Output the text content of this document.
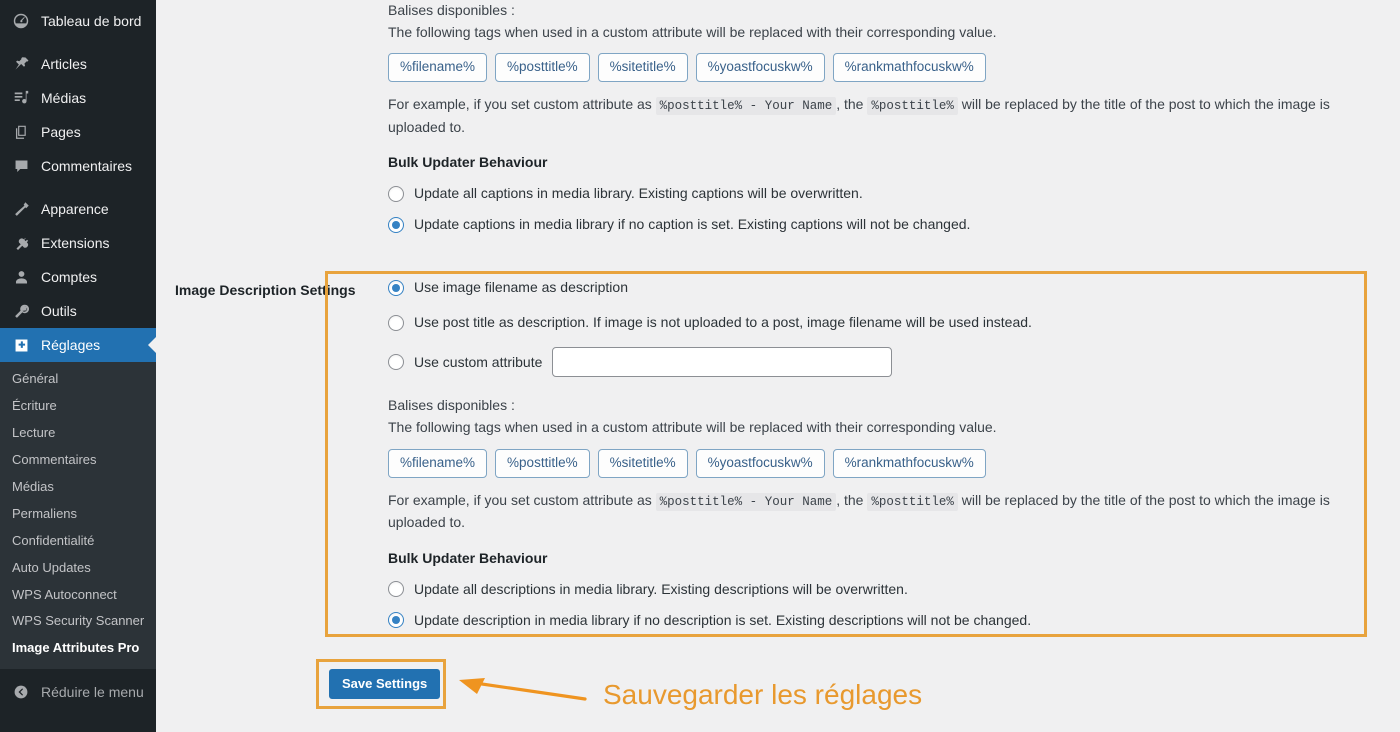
Tableau de bord
Articles
Médias
Pages
Commentaires
Apparence
Extensions
Comptes
Outils
Réglages
Général
Écriture
Lecture
Commentaires
Médias
Permaliens
Confidentialité
Auto Updates
WPS Autoconnect
WPS Security Scanner
Image Attributes Pro
Réduire le menu

Balises disponibles :

The following tags when used in a custom attribute will be replaced with their corresponding value.

%filename%	%posttitle%	%sitetitle%	%yoastfocuskw%	%rankmathfocuskw%

For example, if you set custom attribute as %posttitle% - Your Name , the %posttitle% will be replaced by the title of the post to which the image is uploaded to.

Bulk Updater Behaviour

Update all captions in media library. Existing captions will be overwritten.
Update captions in media library if no caption is set. Existing captions will not be changed.
Image Description Settings	Use image filename as description
Use post title as description. If image is not uploaded to a post, image filename will be used instead.
Use custom attribute

Balises disponibles :

The following tags when used in a custom attribute will be replaced with their corresponding value.

%filename%	%posttitle%	%sitetitle%	%yoastfocuskw%	%rankmathfocuskw%

For example, if you set custom attribute as %posttitle% - Your Name , the %posttitle% will be replaced by the title of the post to which the image is uploaded to.

Bulk Updater Behaviour

Update all descriptions in media library. Existing descriptions will be overwritten.
Update description in media library if no description is set. Existing descriptions will not be changed.
Save Settings	Sauvegarder les réglages
